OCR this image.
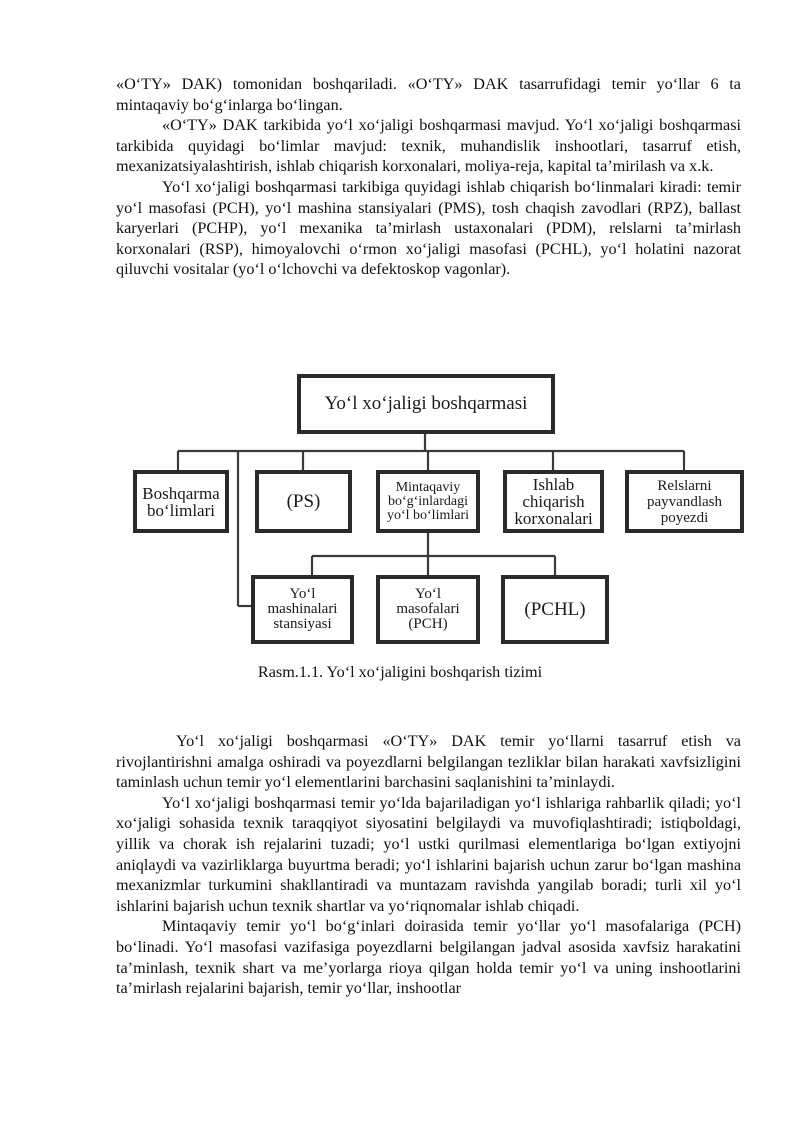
«O‘TY» DAK) tomonidan boshqariladi. «O‘TY» DAK tasarrufidagi temir yo‘llar 6 ta mintaqaviy bo‘g‘inlarga bo‘lingan.

«O‘TY» DAK tarkibida yo‘l xo‘jaligi boshqarmasi mavjud. Yo‘l xo‘jaligi boshqarmasi tarkibida quyidagi bo‘limlar mavjud: texnik, muhandislik inshootlari, tasarruf etish, mexanizatsiyalashtirish, ishlab chiqarish korxonalari, moliya-reja, kapital ta’mirilash va x.k.

Yo‘l xo‘jaligi boshqarmasi tarkibiga quyidagi ishlab chiqarish bo‘linmalari kiradi: temir yo‘l masofasi (PCH), yo‘l mashina stansiyalari (PMS), tosh chaqish zavodlari (RPZ), ballast karyerlari (PCHP), yo‘l mexanika ta’mirlash ustaxonalari (PDM), relslarni ta’mirlash korxonalari (RSP), himoyalovchi o‘rmon xo‘jaligi masofasi (PCHL), yo‘l holatini nazorat qiluvchi vositalar (yo‘l o‘lchovchi va defektoskop vagonlar).

Yo‘l xo‘jaligi boshqarmasi
Boshqarma
bo‘limlari	(PS)
Mintaqaviy
bo‘g‘inlardagi
yo‘l bo‘limlari
Ishlab
chiqarish
korxonalari
Relslarni
payvandlash
poyezdi
Yo‘l
mashinalari
stansiyasi
Yo‘l
masofalari
(PCH)
(PCHL)
Rasm.1.1. Yo‘l xo‘jaligini boshqarish tizimi

Yo‘l xo‘jaligi boshqarmasi «O‘TY» DAK temir yo‘llarni tasarruf etish va rivojlantirishni amalga oshiradi va poyezdlarni belgilangan tezliklar bilan harakati xavfsizligini taminlash uchun temir yo‘l elementlarini barchasini saqlanishini ta’minlaydi.

Yo‘l xo‘jaligi boshqarmasi temir yo‘lda bajariladigan yo‘l ishlariga rahbarlik qiladi; yo‘l xo‘jaligi sohasida texnik taraqqiyot siyosatini belgilaydi va muvofiqlashtiradi; istiqboldagi, yillik va chorak ish rejalarini tuzadi; yo‘l ustki qurilmasi elementlariga bo‘lgan extiyojni aniqlaydi va vazirliklarga buyurtma beradi; yo‘l ishlarini bajarish uchun zarur bo‘lgan mashina mexanizmlar turkumini shakllantiradi va muntazam ravishda yangilab boradi; turli xil yo‘l ishlarini bajarish uchun texnik shartlar va yo‘riqnomalar ishlab chiqadi.

Mintaqaviy temir yo‘l bo‘g‘inlari doirasida temir yo‘llar yo‘l masofalariga (PCH) bo‘linadi. Yo‘l masofasi vazifasiga poyezdlarni belgilangan jadval asosida xavfsiz harakatini ta’minlash, texnik shart va me’yorlarga rioya qilgan holda temir yo‘l va uning inshootlarini ta’mirlash rejalarini bajarish, temir yo‘llar, inshootlar
